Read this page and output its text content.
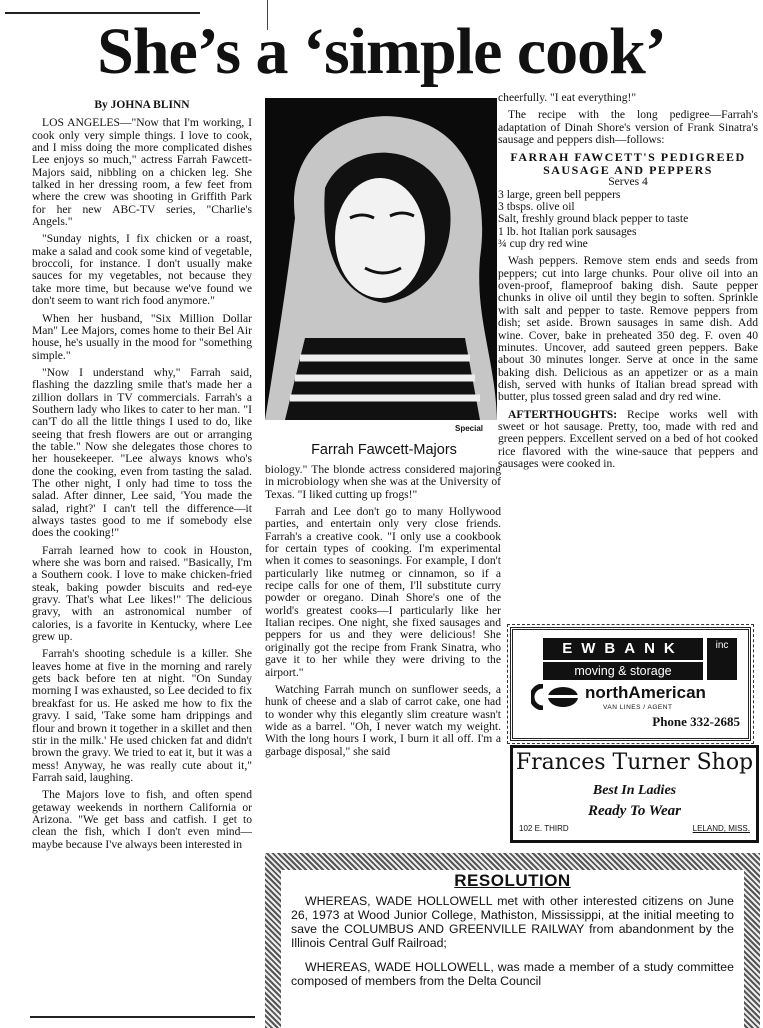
She’s a ‘simple cook’
By JOHNA BLINN

LOS ANGELES—"Now that I'm working, I cook only very simple things. I love to cook, and I miss doing the more complicated dishes Lee enjoys so much," actress Farrah Fawcett-Majors said, nibbling on a chicken leg. She talked in her dressing room, a few feet from where the crew was shooting in Griffith Park for her new ABC-TV series, "Charlie's Angels."

"Sunday nights, I fix chicken or a roast, make a salad and cook some kind of vegetable, broccoli, for instance. I don't usually make sauces for my vegetables, not because they take more time, but because we've found we don't seem to want rich food anymore."

When her husband, "Six Million Dollar Man" Lee Majors, comes home to their Bel Air house, he's usually in the mood for "something simple."

"Now I understand why," Farrah said, flashing the dazzling smile that's made her a zillion dollars in TV commercials. Farrah's a Southern lady who likes to cater to her man. "I can'T do all the little things I used to do, like seeing that fresh flowers are out or arranging the table." Now she delegates those chores to her housekeeper. "Lee always knows who's done the cooking, even from tasting the salad. The other night, I only had time to toss the salad. After dinner, Lee said, 'You made the salad, right?' I can't tell the difference—it always tastes good to me if somebody else does the cooking!"

Farrah learned how to cook in Houston, where she was born and raised. "Basically, I'm a Southern cook. I love to make chicken-fried steak, baking powder biscuits and red-eye gravy. That's what Lee likes!" The delicious gravy, with an astronomical number of calories, is a favorite in Kentucky, where Lee grew up.

Farrah's shooting schedule is a killer. She leaves home at five in the morning and rarely gets back before ten at night. "On Sunday morning I was exhausted, so Lee decided to fix breakfast for us. He asked me how to fix the gravy. I said, 'Take some ham drippings and flour and brown it together in a skillet and then stir in the milk.' He used chicken fat and didn't brown the gravy. We tried to eat it, but it was a mess! Anyway, he was really cute about it," Farrah said, laughing.

The Majors love to fish, and often spend getaway weekends in northern California or Arizona. "We get bass and catfish. I get to clean the fish, which I don't even mind—maybe because I've always been interested in

Special
Farrah Fawcett-Majors

biology." The blonde actress considered majoring in microbiology when she was at the University of Texas. "I liked cutting up frogs!"

Farrah and Lee don't go to many Hollywood parties, and entertain only very close friends. Farrah's a creative cook. "I only use a cookbook for certain types of cooking. I'm experimental when it comes to seasonings. For example, I don't particularly like nutmeg or cinnamon, so if a recipe calls for one of them, I'll substitute curry powder or oregano. Dinah Shore's one of the world's greatest cooks—I particularly like her Italian recipes. One night, she fixed sausages and peppers for us and they were delicious! She originally got the recipe from Frank Sinatra, who gave it to her while they were driving to the airport."

Watching Farrah munch on sunflower seeds, a hunk of cheese and a slab of carrot cake, one had to wonder why this elegantly slim creature wasn't wide as a barrel. "Oh, I never watch my weight. With the long hours I work, I burn it all off. I'm a garbage disposal," she said

cheerfully. "I eat everything!"

The recipe with the long pedigree—Farrah's adaptation of Dinah Shore's version of Frank Sinatra's sausage and peppers dish—follows:

FARRAH FAWCETT'S PEDIGREED SAUSAGE AND PEPPERS
Serves 4
3 large, green bell peppers
3 tbsps. olive oil
Salt, freshly ground black pepper to taste
1 lb. hot Italian pork sausages
¾ cup dry red wine

Wash peppers. Remove stem ends and seeds from peppers; cut into large chunks. Pour olive oil into an oven-proof, flameproof baking dish. Saute pepper chunks in olive oil until they begin to soften. Sprinkle with salt and pepper to taste. Remove peppers from dish; set aside. Brown sausages in same dish. Add wine. Cover, bake in preheated 350 deg. F. oven 40 minutes. Uncover, add sauteed green peppers. Bake about 30 minutes longer. Serve at once in the same baking dish. Delicious as an appetizer or as a main dish, served with hunks of Italian bread spread with butter, plus tossed green salad and dry red wine.

AFTERTHOUGHTS: Recipe works well with sweet or hot sausage. Pretty, too, made with red and green peppers. Excellent served on a bed of hot cooked rice flavored with the wine-sauce that peppers and sausages were cooked in.

EWBANK
moving & storage
inc
northAmerican
VAN LINES / AGENT
Phone 332-2685
Frances Turner Shop
Best In Ladies
Ready To Wear
102 E. THIRD	LELAND, MISS.
RESOLUTION

WHEREAS, WADE HOLLOWELL met with other interested citizens on June 26, 1973 at Wood Junior College, Mathiston, Mississippi, at the initial meeting to save the COLUMBUS AND GREENVILLE RAILWAY from abandonment by the Illinois Central Gulf Railroad;

WHEREAS, WADE HOLLOWELL, was made a member of a study committee composed of members from the Delta Council
